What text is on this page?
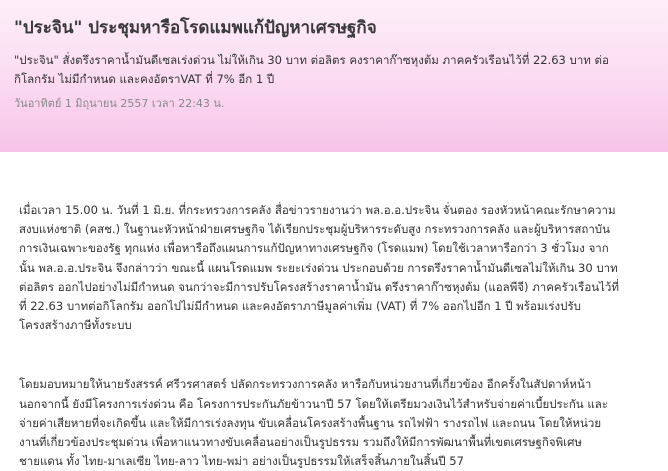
"ประจิน" ประชุมหารือโรดแมพแก้ปัญหาเศรษฐกิจ

"ประจิน" สั่งตรึงราคาน้ำมันดีเซลเร่งด่วน ไม่ให้เกิน 30 บาท ต่อลิตร คงราคาก๊าซหุงต้ม ภาคครัวเรือนไว้ที่ 22.63 บาท ต่อ
กิโลกรัม ไม่มีกำหนด และคงอัตราVAT ที่ 7% อีก 1 ปี

วันอาทิตย์ 1 มิถุนายน 2557 เวลา 22:43 น.

เมื่อเวลา 15.00 น. วันที่ 1 มิ.ย. ที่กระทรวงการคลัง สื่อข่าวรายงานว่า พล.อ.อ.ประจิน จั่นตอง รองหัวหน้าคณะรักษาความ
สงบแห่งชาติ (คสช.) ในฐานะหัวหน้าฝ่ายเศรษฐกิจ ได้เรียกประชุมผู้บริหารระดับสูง กระทรวงการคลัง และผู้บริหารสถาบัน
การเงินเฉพาะของรัฐ ทุกแห่ง เพื่อหารือถึงแผนการแก้ปัญหาทางเศรษฐกิจ (โรดแมพ) โดยใช้เวลาหารือกว่า 3 ชั่วโมง จาก
นั้น พล.อ.อ.ประจิน จึงกล่าวว่า ขณะนี้ แผนโรดแมพ ระยะเร่งด่วน ประกอบด้วย การตรึงราคาน้ำมันดีเซลไม่ให้เกิน 30 บาท
ต่อลิตร ออกไปอย่างไม่มีกำหนด จนกว่าจะมีการปรับโครงสร้างราคาน้ำมัน ตรึงราคาก๊าซหุงต้ม (แอลพีจี) ภาคครัวเรือนไว้ที่
ที่ 22.63 บาทต่อกิโลกรัม ออกไปไม่มีกำหนด และคงอัตราภาษีมูลค่าเพิ่ม (VAT) ที่ 7% ออกไปอีก 1 ปี พร้อมเร่งปรับ
โครงสร้างภาษีทั้งระบบ

โดยมอบหมายให้นายรังสรรค์ ศรีวรศาสตร์ ปลัดกระทรวงการคลัง หารือกับหน่วยงานที่เกี่ยวข้อง อีกครั้งในสัปดาห์หน้า
นอกจากนี้ ยังมีโครงการเร่งด่วน คือ โครงการประกันภัยข้าวนาปี 57 โดยให้เตรียมวงเงินไว้สำหรับจ่ายค่าเบี้ยประกัน และ
จ่ายค่าเสียหายที่จะเกิดขึ้น และให้มีการเร่งลงทุน ขับเคลื่อนโครงสร้างพื้นฐาน รถไฟฟ้า รางรถไฟ และถนน โดยให้หน่วย
งานที่เกี่ยวข้องประชุมด่วน เพื่อหาแนวทางขับเคลื่อนอย่างเป็นรูปธรรม รวมถึงให้มีการพัฒนาพื้นที่เขตเศรษฐกิจพิเศษ
ชายแดน ทั้ง ไทย-มาเลเซีย ไทย-ลาว ไทย-พม่า อย่างเป็นรูปธรรมให้เสร็จสิ้นภายในสิ้นปี 57
